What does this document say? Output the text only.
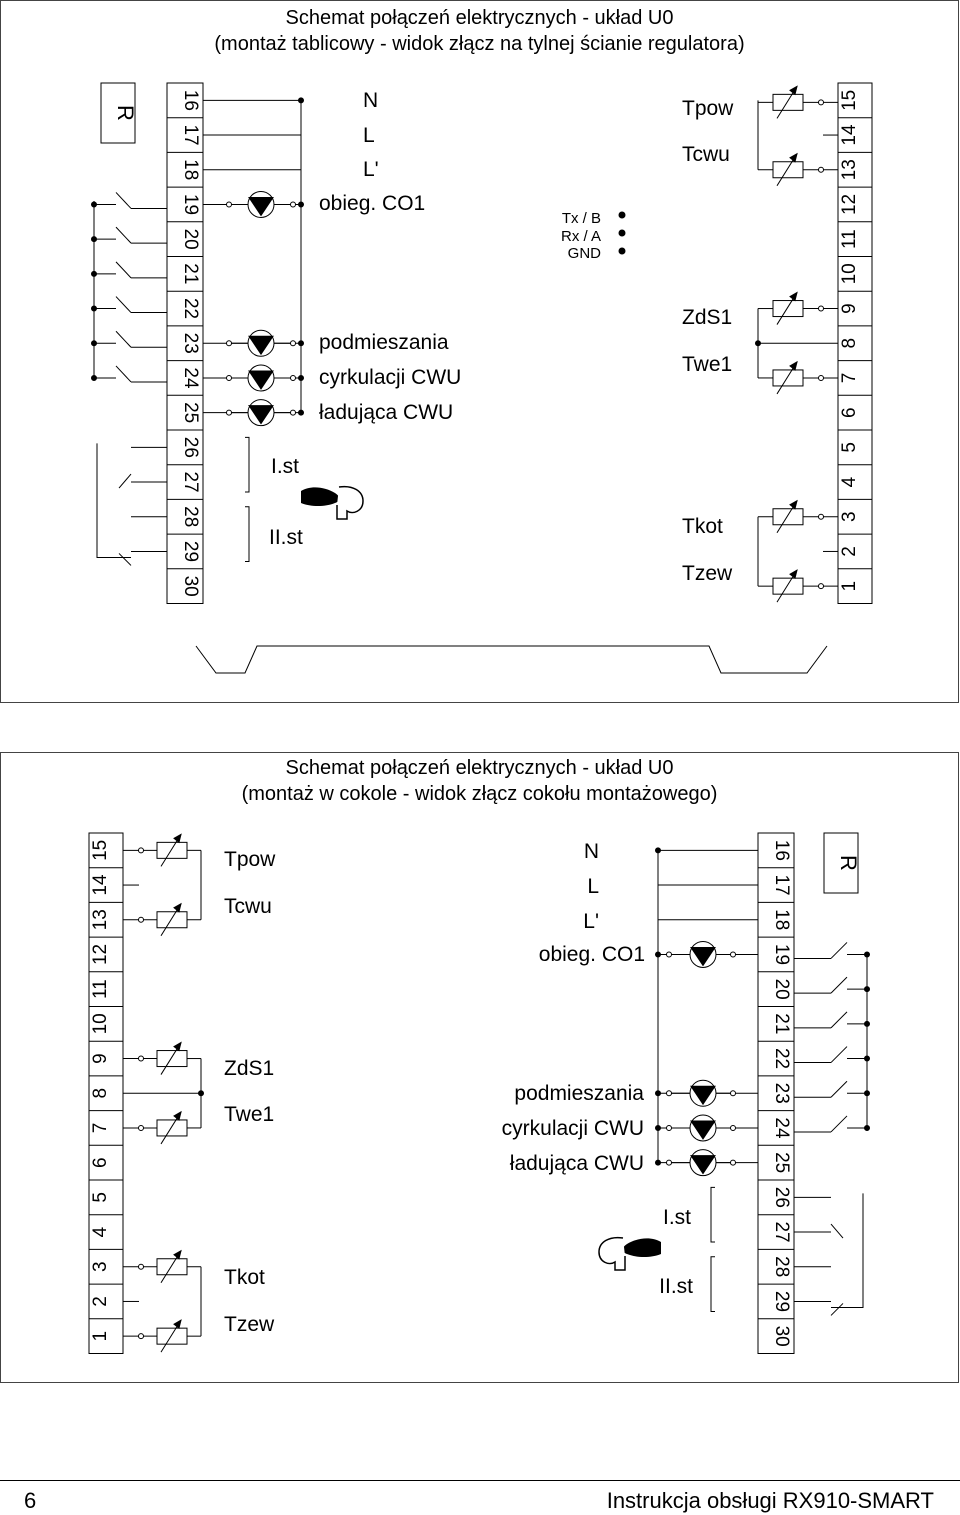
Schemat połączeń elektrycznych - układ U0
(montaż tablicowy - widok złącz na tylnej ścianie regulatora)
R
16
17
18
19
20
21
22
23
24
25
26
27
28
29
30
N
L
L'
obieg. CO1
podmieszania
cyrkulacji CWU
ładująca CWU
I.st
II.st
Tx / B
Rx / A
GND
1
2
3
4
5
6
7
8
9
10
11
12
13
14
15
Tpow
Tcwu
ZdS1
Twe1
Tkot
Tzew
Schemat połączeń elektrycznych - układ U0
(montaż w cokole - widok złącz cokołu montażowego)
1
2
3
4
5
6
7
8
9
10
11
12
13
14
15	Tpow
Tcwu
ZdS1
Twe1
Tkot
Tzew
16
17
18
19
20
21
22
23
24
25
26
27
28
29
30
R
N
L
L'
obieg. CO1
podmieszania
cyrkulacji CWU
ładująca CWU
I.st
II.st
6	Instrukcja obsługi RX910-SMART
